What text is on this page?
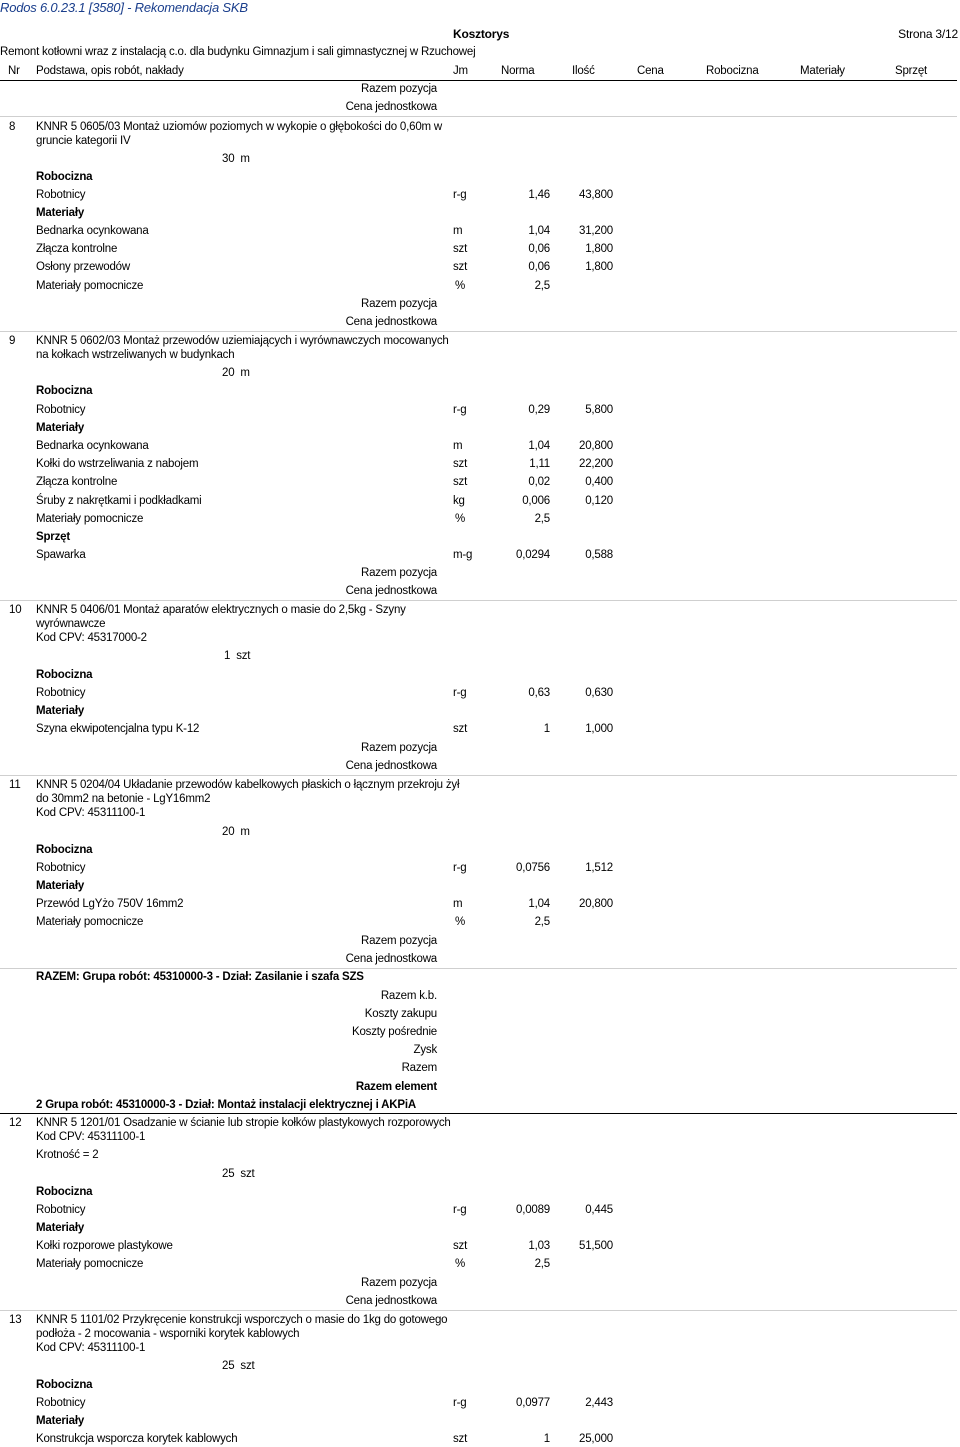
Rodos 6.0.23.1 [3580] - Rekomendacja SKB
Kosztorys	Strona 3/12
Remont kotłowni wraz z instalacją c.o. dla budynku Gimnazjum i sali gimnastycznej w Rzuchowej
Nr Podstawa, opis robót, nakłady	Jm	Norma	Ilość	Cena	Robocizna	Materiały	Sprzęt
Razem pozycja
Cena jednostkowa
8 KNNR 5 0605/03 Montaż uziomów poziomych w wykopie o głębokości do 0,60m w
gruncie kategorii IV
30 m
Robocizna
Robotnicy	r-g	1,46	43,800
Materiały
Bednarka ocynkowana	m	1,04	31,200
Złącza kontrolne	szt	0,06	1,800
Osłony przewodów	szt	0,06	1,800
Materiały pomocnicze	%	2,5
Razem pozycja
Cena jednostkowa
9 KNNR 5 0602/03 Montaż przewodów uziemiających i wyrównawczych mocowanych
na kołkach wstrzeliwanych w budynkach
20 m
Robocizna
Robotnicy	r-g	0,29	5,800
Materiały
Bednarka ocynkowana	m	1,04	20,800
Kołki do wstrzeliwania z nabojem	szt	1,11	22,200
Złącza kontrolne	szt	0,02	0,400
Śruby z nakrętkami i podkładkami	kg	0,006	0,120
Materiały pomocnicze	%	2,5
Sprzęt
Spawarka	m-g	0,0294	0,588
Razem pozycja
Cena jednostkowa
10 KNNR 5 0406/01 Montaż aparatów elektrycznych o masie do 2,5kg - Szyny
wyrównawcze
Kod CPV: 45317000-2
1 szt
Robocizna
Robotnicy	r-g	0,63	0,630
Materiały
Szyna ekwipotencjalna typu K-12	szt	1	1,000
Razem pozycja
Cena jednostkowa
11 KNNR 5 0204/04 Układanie przewodów kabelkowych płaskich o łącznym przekroju żył
do 30mm2 na betonie - LgY16mm2
Kod CPV: 45311100-1
20 m
Robocizna
Robotnicy	r-g	0,0756	1,512
Materiały
Przewód LgYżo 750V 16mm2	m	1,04	20,800
Materiały pomocnicze	%	2,5
Razem pozycja
Cena jednostkowa
RAZEM: Grupa robót: 45310000-3 - Dział: Zasilanie i szafa SZS
Razem k.b.
Koszty zakupu
Koszty pośrednie
Zysk
Razem
Razem element
2 Grupa robót: 45310000-3 - Dział: Montaż instalacji elektrycznej i AKPiA
12 KNNR 5 1201/01 Osadzanie w ścianie lub stropie kołków plastykowych rozporowych
Kod CPV: 45311100-1
Krotność = 2
25 szt
Robocizna
Robotnicy	r-g	0,0089	0,445
Materiały
Kołki rozporowe plastykowe	szt	1,03	51,500
Materiały pomocnicze	%	2,5
Razem pozycja
Cena jednostkowa
13 KNNR 5 1101/02 Przykręcenie konstrukcji wsporczych o masie do 1kg do gotowego
podłoża - 2 mocowania - wsporniki korytek kablowych
Kod CPV: 45311100-1
25 szt
Robocizna
Robotnicy	r-g	0,0977	2,443
Materiały
Konstrukcja wsporcza korytek kablowych	szt	1	25,000
